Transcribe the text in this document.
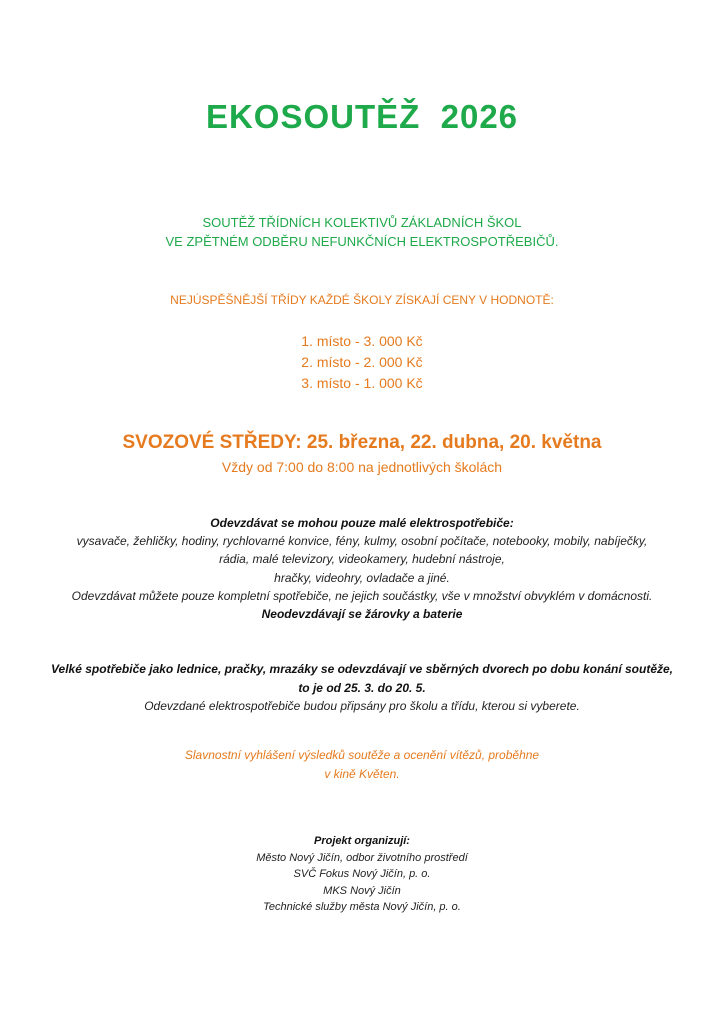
EKOSOUTĚŽ  2026
SOUTĚŽ TŘÍDNÍCH KOLEKTIVŮ ZÁKLADNÍCH ŠKOL
VE ZPĚTNÉM ODBĚRU NEFUNKČNÍCH ELEKTROSPOTŘEBIČŮ.
NEJÚSPĚŠNĚJŠÍ TŘÍDY KAŽDÉ ŠKOLY ZÍSKAJÍ CENY V HODNOTĚ:
1. místo - 3. 000 Kč
2. místo - 2. 000 Kč
3. místo - 1. 000 Kč
SVOZOVÉ STŘEDY: 25. března, 22. dubna, 20. května
Vždy od 7:00 do 8:00 na jednotlivých školách
Odevzdávat se mohou pouze malé elektrospotřebiče:
vysavače, žehličky, hodiny, rychlovarné konvice, fény, kulmy, osobní počítače, notebooky, mobily, nabíječky,
rádia, malé televizory, videokamery, hudební nástroje,
hračky, videohry, ovladače a jiné.
Odevzdávat můžete pouze kompletní spotřebiče, ne jejich součástky, vše v množství obvyklém v domácnosti.
Neodevzdávají se žárovky a baterie
Velké spotřebiče jako lednice, pračky, mrazáky se odevzdávají ve sběrných dvorech po dobu konání soutěže,
to je od 25. 3. do 20. 5.
Odevzdané elektrospotřebiče budou připsány pro školu a třídu, kterou si vyberete.
Slavnostní vyhlášení výsledků soutěže a ocenění vítězů, proběhne
v kině Květen.
Projekt organizují:
Město Nový Jičín, odbor životního prostředí
SVČ Fokus Nový Jičín, p. o.
MKS Nový Jičín
Technické služby města Nový Jičín, p. o.
